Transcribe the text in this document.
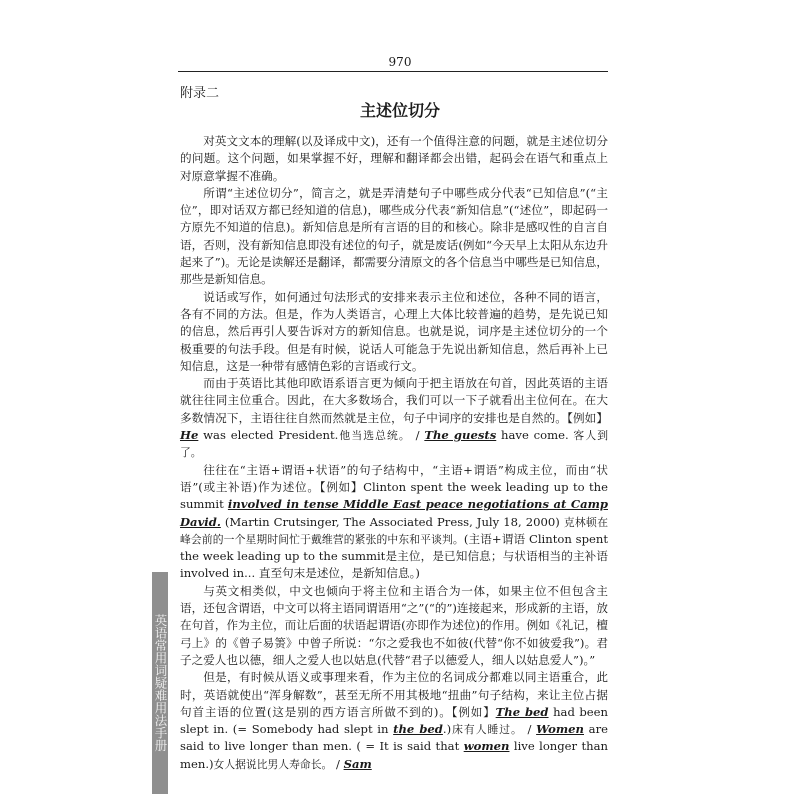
970
附录二
主述位切分

对英文文本的理解(以及译成中文)，还有一个值得注意的问题，就是主述位切分的问题。这个问题，如果掌握不好，理解和翻译都会出错，起码会在语气和重点上对原意掌握不准确。

所谓“主述位切分”，简言之，就是弄清楚句子中哪些成分代表“已知信息”(“主位”，即对话双方都已经知道的信息)，哪些成分代表“新知信息”(“述位”，即起码一方原先不知道的信息)。新知信息是所有言语的目的和核心。除非是感叹性的自言自语，否则，没有新知信息即没有述位的句子，就是废话(例如“今天早上太阳从东边升起来了”)。无论是读解还是翻译，都需要分清原文的各个信息当中哪些是已知信息，那些是新知信息。

说话或写作，如何通过句法形式的安排来表示主位和述位，各种不同的语言，各有不同的方法。但是，作为人类语言，心理上大体比较普遍的趋势，是先说已知的信息，然后再引人要告诉对方的新知信息。也就是说，词序是主述位切分的一个极重要的句法手段。但是有时候，说话人可能急于先说出新知信息，然后再补上已知信息，这是一种带有感情色彩的言语或行文。

而由于英语比其他印欧语系语言更为倾向于把主语放在句首，因此英语的主语就往往同主位重合。因此，在大多数场合，我们可以一下子就看出主位何在。在大多数情况下，主语往往自然而然就是主位，句子中词序的安排也是自然的。【例如】He was elected President.他当选总统。 / The guests have come. 客人到了。

往往在“主语+谓语+状语”的句子结构中，“主语+谓语”构成主位，而由“状语”(或主补语)作为述位。【例如】Clinton spent the week leading up to the summit involved in tense Middle East peace negotiations at Camp David. (Martin Crutsinger, The Associated Press, July 18, 2000) 克林顿在峰会前的一个星期时间忙于戴维营的紧张的中东和平谈判。(主语+谓语 Clinton spent the week leading up to the summit是主位，是已知信息；与状语相当的主补语involved in... 直至句末是述位，是新知信息。)

与英文相类似，中文也倾向于将主位和主语合为一体，如果主位不但包含主语，还包含谓语，中文可以将主语同谓语用“之”(“的”)连接起来，形成新的主语，放在句首，作为主位，而让后面的状语起谓语(亦即作为述位)的作用。例如《礼记，檀弓上》的《曾子易箦》中曾子所说：“尔之爱我也不如彼(代替“你不如彼爱我”)。君子之爱人也以德，细人之爱人也以姑息(代替“君子以德爱人，细人以姑息爱人”)。”

但是，有时候从语义或事理来看，作为主位的名词成分都难以同主语重合，此时，英语就使出“浑身解数”，甚至无所不用其极地“扭曲”句子结构，来让主位占据句首主语的位置(这是别的西方语言所做不到的)。【例如】The bed had been slept in. (= Somebody had slept in the bed.)床有人睡过。 / Women are said to live longer than men. ( = It is said that women live longer than men.)女人据说比男人寿命长。 / Sam

英语常用词疑难用法手册
